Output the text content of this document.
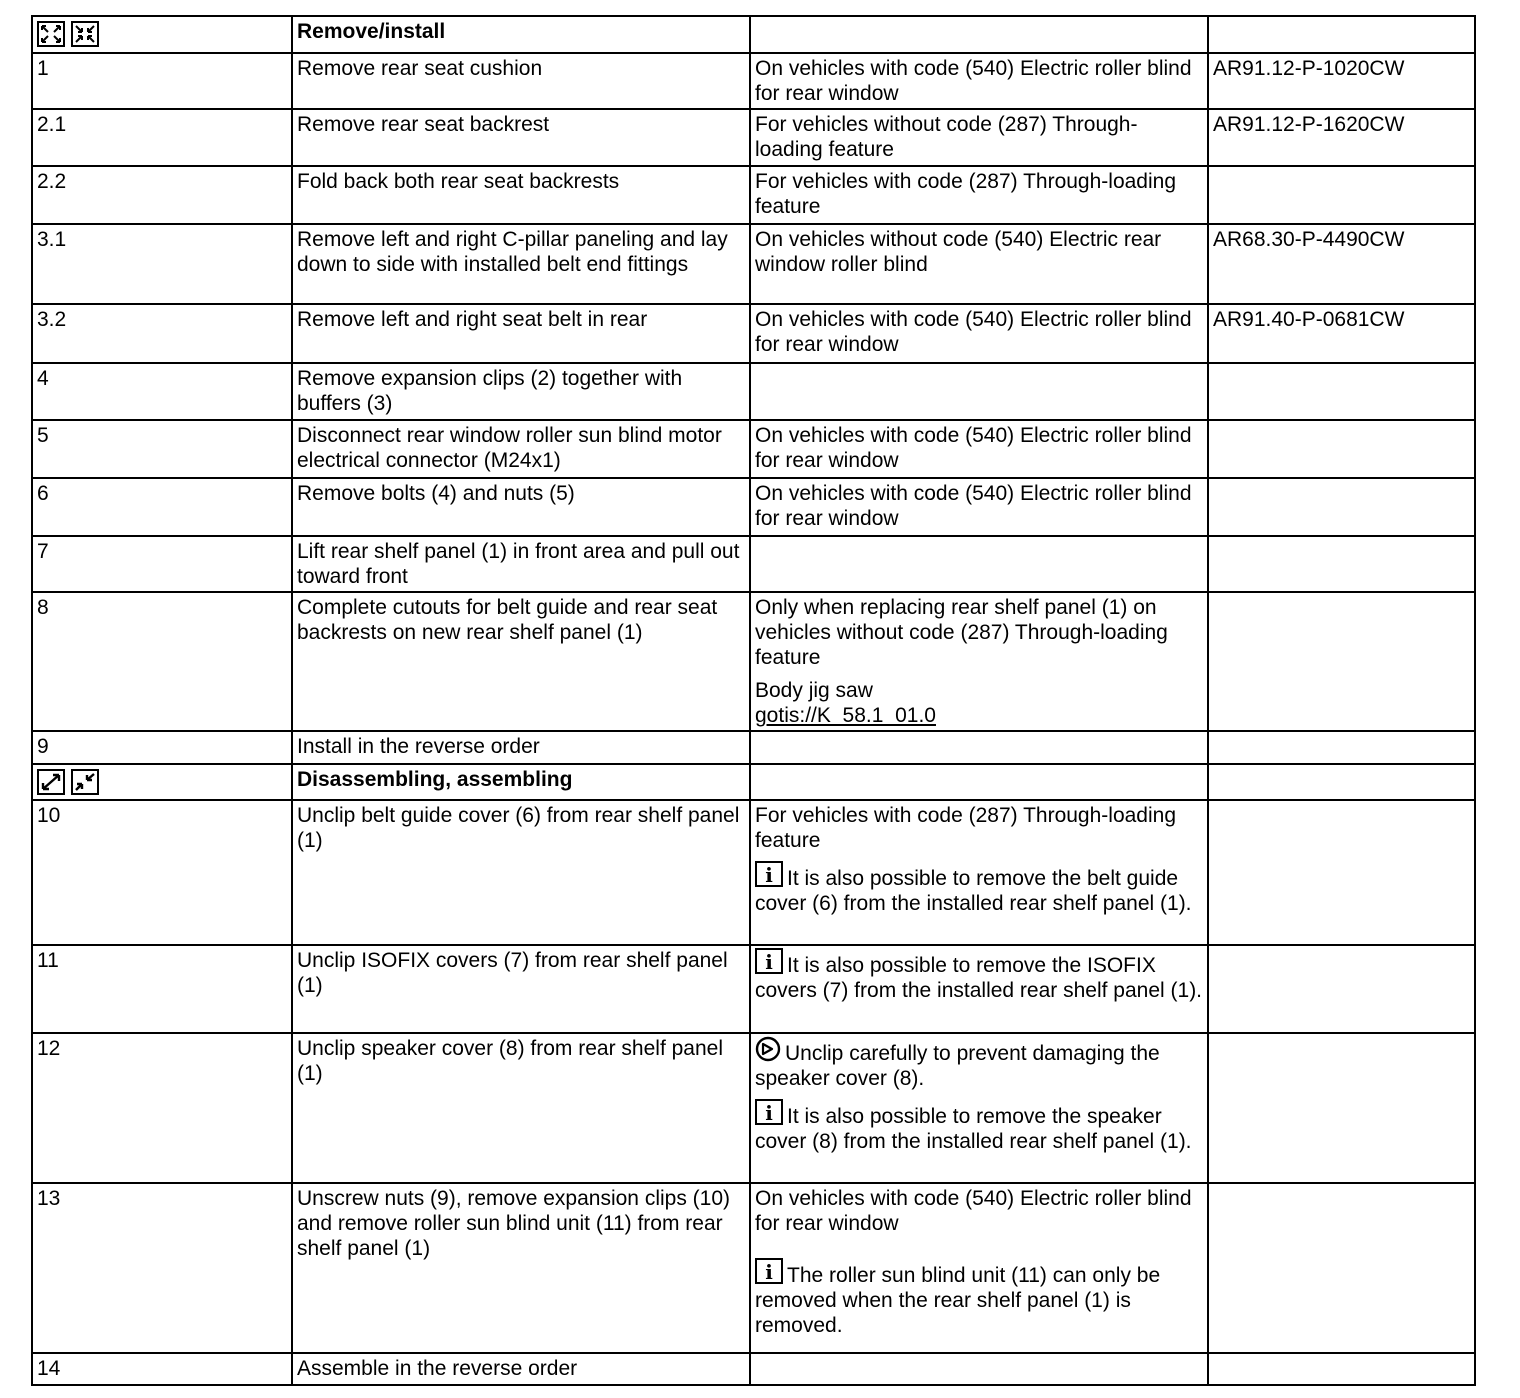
	Remove/install		
1	Remove rear seat cushion	On vehicles with code (540) Electric roller blind for rear window	AR91.12-P-1020CW
2.1	Remove rear seat backrest	For vehicles without code (287) Through-loading feature	AR91.12-P-1620CW
2.2	Fold back both rear seat backrests	For vehicles with code (287) Through-loading feature	
3.1	Remove left and right C-pillar paneling and lay down to side with installed belt end fittings	On vehicles without code (540) Electric rear window roller blind	AR68.30-P-4490CW
3.2	Remove left and right seat belt in rear	On vehicles with code (540) Electric roller blind for rear window	AR91.40-P-0681CW
4	Remove expansion clips (2) together with buffers (3)		
5	Disconnect rear window roller sun blind motor electrical connector (M24x1)	On vehicles with code (540) Electric roller blind for rear window	
6	Remove bolts (4) and nuts (5)	On vehicles with code (540) Electric roller blind for rear window	
7	Lift rear shelf panel (1) in front area and pull out toward front		
8	Complete cutouts for belt guide and rear seat backrests on new rear shelf panel (1)	Only when replacing rear shelf panel (1) on vehicles without code (287) Through-loading feature
Body jig saw
gotis://K_58.1_01.0	

9	Install in the reverse order		

	Disassembling, assembling		
10	Unclip belt guide cover (6) from rear shelf panel (1)	For vehicles with code (287) Through-loading feature
i It is also possible to remove the belt guide cover (6) from the installed rear shelf panel (1).	

11	Unclip ISOFIX covers (7) from rear shelf panel (1)	i It is also possible to remove the ISOFIX covers (7) from the installed rear shelf panel (1).	

12	Unclip speaker cover (8) from rear shelf panel (1)	Unclip carefully to prevent damaging the speaker cover (8).
i It is also possible to remove the speaker cover (8) from the installed rear shelf panel (1).	

13	Unscrew nuts (9), remove expansion clips (10) and remove roller sun blind unit (11) from rear shelf panel (1)	On vehicles with code (540) Electric roller blind for rear window
i The roller sun blind unit (11) can only be removed when the rear shelf panel (1) is removed.	

14	Assemble in the reverse order		
